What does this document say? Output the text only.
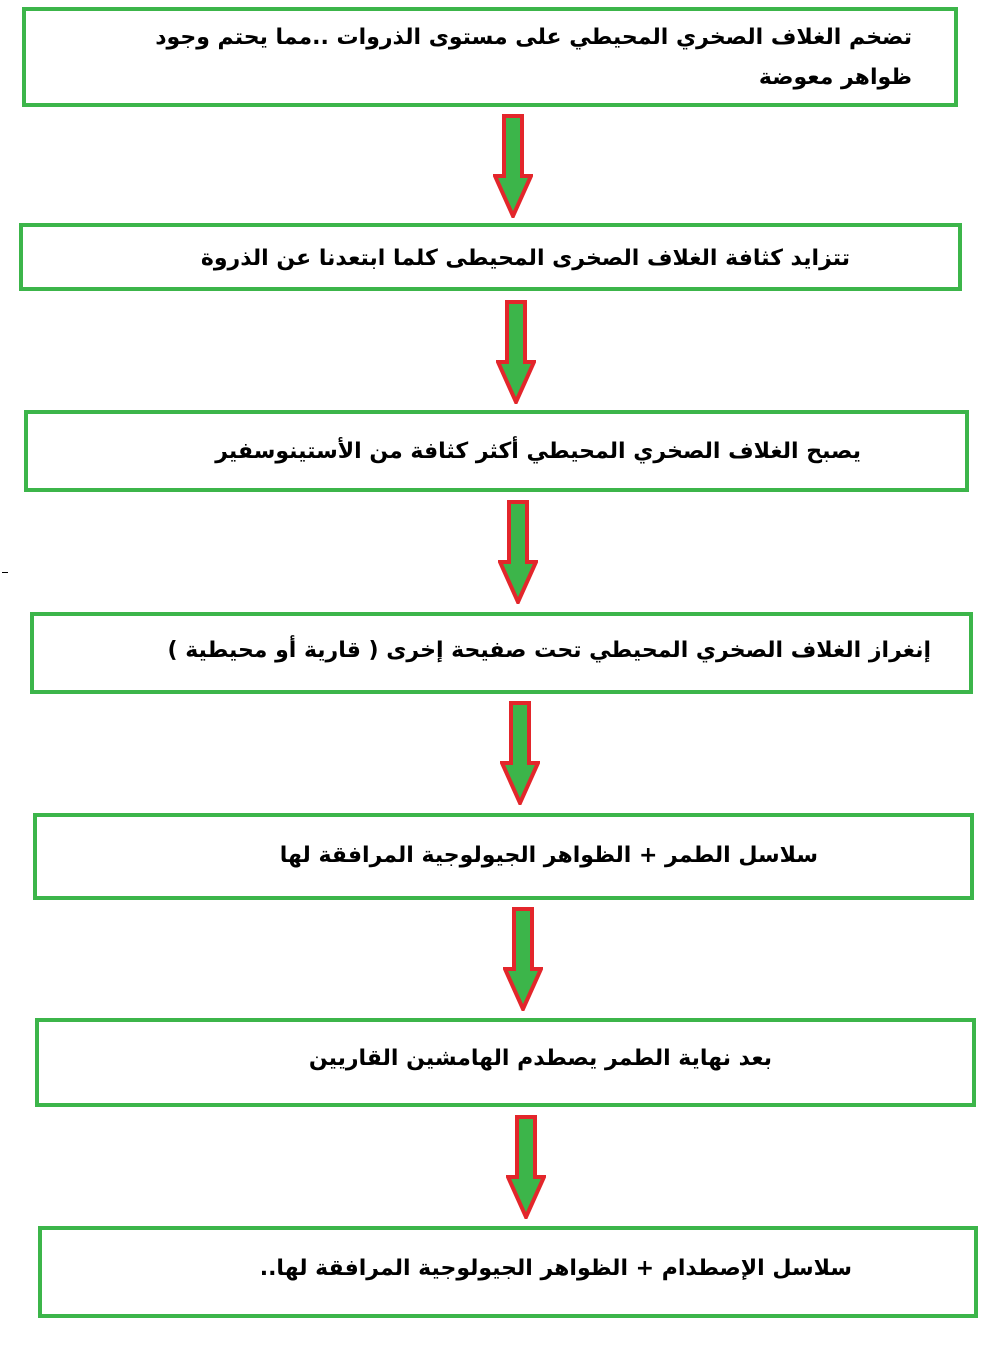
تضخم الغلاف الصخري المحيطي على مستوى الذروات ..مما يحتم وجود
ظواهر معوضة
تتزايد كثافة الغلاف الصخرى المحيطى كلما ابتعدنا عن الذروة
يصبح الغلاف الصخري المحيطي أكثر كثافة من الأستينوسفير
إنغراز الغلاف الصخري المحيطي تحت صفيحة إخرى ( قارية أو محيطية )
سلاسل الطمر + الظواهر الجيولوجية المرافقة لها
بعد نهاية الطمر يصطدم الهامشين القاريين
سلاسل الإصطدام + الظواهر الجيولوجية المرافقة لها..
